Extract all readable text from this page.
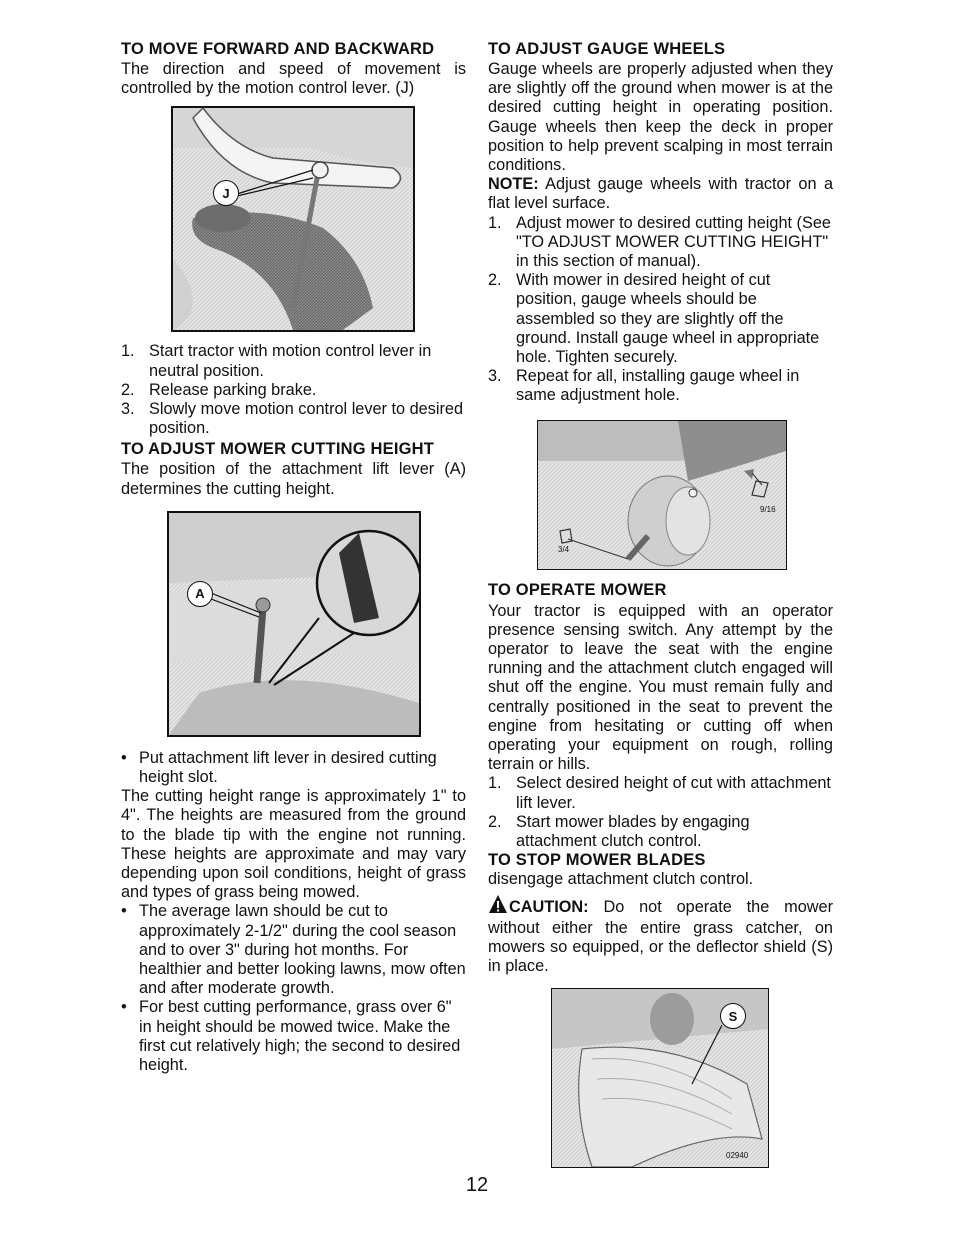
TO MOVE FORWARD AND BACKWARD

The direction and speed of movement is controlled by the motion control lever. (J)

J
1. Start tractor with motion control lever in neutral position.
2. Release parking brake.
3. Slowly move motion control lever to desired position.
TO ADJUST MOWER CUTTING HEIGHT

The position of the attachment lift lever (A) determines the cutting height.

A
• Put attachment lift lever in desired cutting height slot.

The cutting height range is approximately 1" to 4". The heights are measured from the ground to the blade tip with the engine not running. These heights are approximate and may vary depending upon soil conditions, height of grass and types of grass being mowed.

• The average lawn should be cut to approximately 2-1/2" during the cool season and to over 3" during hot months. For healthier and better looking lawns, mow often and after moderate growth.
• For best cutting performance, grass over 6" in height should be mowed twice. Make the first cut relatively high; the second to desired height.
TO ADJUST GAUGE WHEELS

Gauge wheels are properly adjusted when they are slightly off the ground when mower is at the desired cutting height in operating position. Gauge wheels then keep the deck in proper position to help prevent scalping in most terrain conditions.

NOTE: Adjust gauge wheels with tractor on a flat level surface.

1. Adjust mower to desired cutting height (See "TO ADJUST MOWER CUTTING HEIGHT" in this section of manual).
2. With mower in desired height of cut position, gauge wheels should be assembled so they are slightly off the ground. Install gauge wheel in appropriate hole. Tighten securely.
3. Repeat for all, installing gauge wheel in same adjustment hole.
9/16
3/4
TO OPERATE MOWER

Your tractor is equipped with an operator presence sensing switch. Any attempt by the operator to leave the seat with the engine running and the attachment clutch engaged will shut off the engine. You must remain fully and centrally positioned in the seat to prevent the engine from hesitating or cutting off when operating your equipment on rough, rolling terrain or hills.

1. Select desired height of cut with attachment lift lever.
2. Start mower blades by engaging attachment clutch control.
TO STOP MOWER BLADES

disengage attachment clutch control.

CAUTION: Do not operate the mower without either the entire grass catcher, on mowers so equipped, or the deflector shield (S) in place.

S
02940
12
